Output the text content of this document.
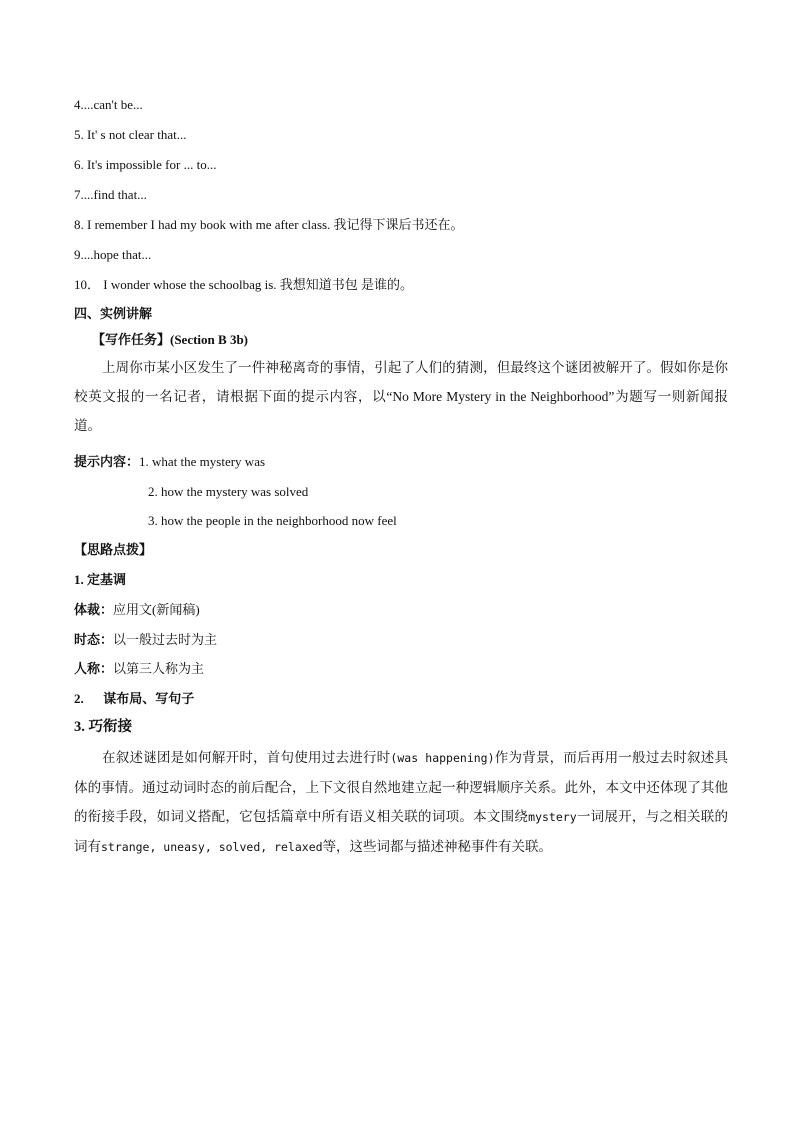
4....can't be...
5. It' s not clear that...
6. It's impossible for ... to...
7....find that...
8. I remember I had my book with me after class. 我记得下课后书还在。
9....hope that...
10． I wonder whose the schoolbag is. 我想知道书包 是谁的。
四、实例讲解
【写作任务】(Section B 3b)
上周你市某小区发生了一件神秘离奇的事情，引起了人们的猜测，但最终这个谜团被解开了。假如你是你校英文报的一名记者，请根据下面的提示内容，以“No More Mystery in the Neighborhood”为题写一则新闻报道。
提示内容：1. what the mystery was
2. how the mystery was solved
3. how the people in the neighborhood now feel
【思路点拨】
1. 定基调
体裁：应用文(新闻稿)
时态：以一般过去时为主
人称：以第三人称为主
2.      谋布局、写句子
3. 巧衔接
在叙述谜团是如何解开时，首句使用过去进行时(was happening)作为背景，而后再用一般过去时叙述具体的事情。通过动词时态的前后配合，上下文很自然地建立起一种逻辑顺序关系。此外，本文中还体现了其他的衔接手段，如词义搭配，它包括篇章中所有语义相关联的词项。本文围绕mystery一词展开，与之相关联的词有strange, uneasy, solved, relaxed等，这些词都与描述神秘事件有关联。
